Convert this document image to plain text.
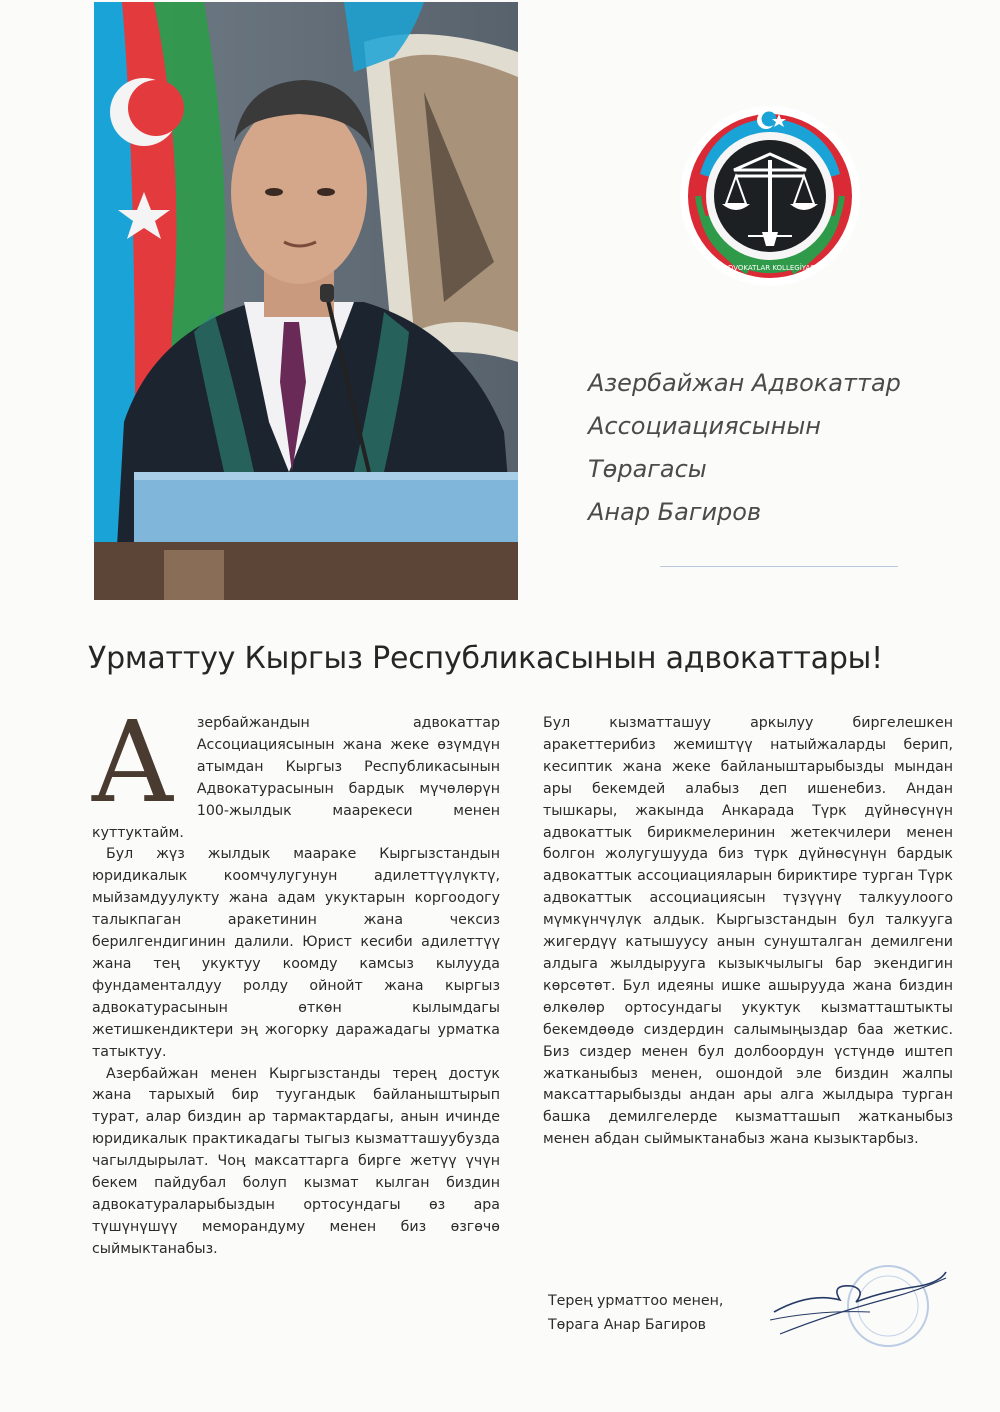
ADVOKATLAR KOLLEGİYASI
Азербайжан Адвокаттар
Ассоциациясынын
Төрагасы
Анар Багиров
Урматтуу Кыргыз Республикасынын адвокаттары!
А	зербайжандын адвокаттар Ассоциациясынын жана жеке өзүмдүн атымдан Кыргыз Республикасынын Адвокатурасынын бардык мүчөлөрүн 100-жылдык маарекеси менен куттуктайм.

Бул жүз жылдык мааракe Кыргызстандын юридикалык коомчулугунун адилеттүүлүктү, мыйзамдуулукту жана адам укуктарын коргоодогу талыкпаган аракетинин жана чексиз берилгендигинин далили. Юрист кесиби адилеттүү жана тең укуктуу коомду камсыз кылууда фундаменталдуу ролду ойнойт жана кыргыз адвокатурасынын өткөн кылымдагы жетишкендиктери эң жогорку даражадагы урматка татыктуу.

Азербайжан менен Кыргызстанды терең достук жана тарыхый бир туугандык байланыштырып турат, алар биздин ар тармактардагы, анын ичинде юридикалык практикадагы тыгыз кызматташуубузда чагылдырылат. Чоң максаттарга бирге жетүү үчүн бекем пайдубал болуп кызмат кылган биздин адвокатураларыбыздын ортосундагы өз ара түшүнүшүү меморандуму менен биз өзгөчө сыймыктанабыз.

Бул кызматташуу аркылуу биргелешкен аракеттерибиз жемиштүү натыйжаларды берип, кесиптик жана жеке байланыштарыбызды мындан ары бекемдей алабыз деп ишенебиз. Андан тышкары, жакында Анкарада Түрк дүйнөсүнүн адвокаттык бирикмелеринин жетекчилери менен болгон жолугушууда биз түрк дүйнөсүнүн бардык адвокаттык ассоциацияларын бириктире турган Түрк адвокаттык ассоциациясын түзүүнү талкуулоого мүмкүнчүлүк алдык. Кыргызстандын бул талкууга жигердүү катышуусу анын сунушталган демилгени алдыга жылдырууга кызыкчылыгы бар экендигин көрсөтөт. Бул идеяны ишке ашырууда жана биздин өлкөлөр ортосундагы укуктук кызматташтыкты бекемдөөдө сиздердин салымыңыздар баа жеткис. Биз сиздер менен бул долбоордун үстүндө иштеп жатканыбыз менен, ошондой эле биздин жалпы максаттарыбызды андан ары алга жылдыра турган башка демилгелерде кызматташып жатканыбыз менен абдан сыймыктанабыз жана кызыктарбыз.

Терең урматтоо менен,
Төрага Анар Багиров
